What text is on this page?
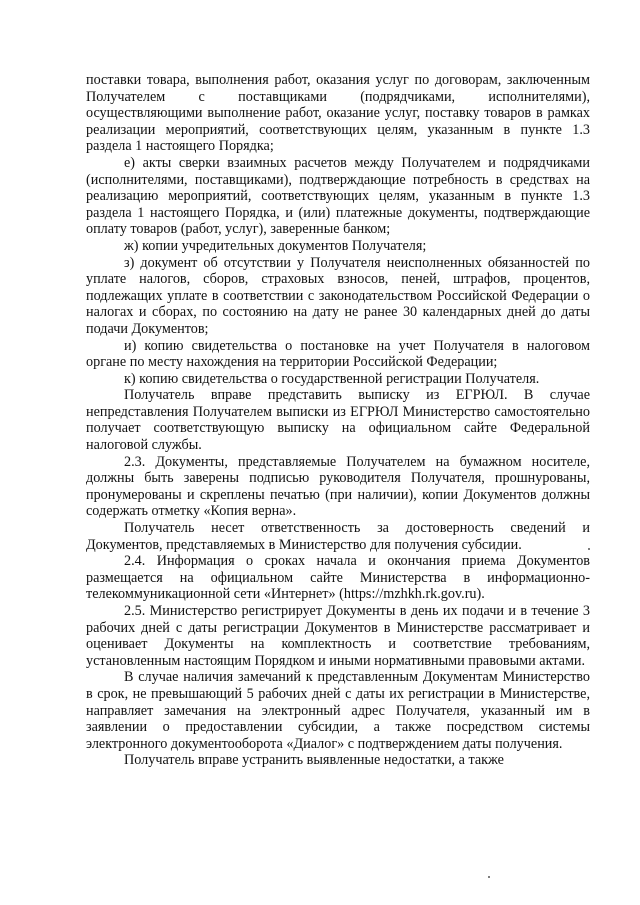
поставки товара, выполнения работ, оказания услуг по договорам, заключенным Получателем с поставщиками (подрядчиками, исполнителями), осуществляющими выполнение работ, оказание услуг, поставку товаров в рамках реализации мероприятий, соответствующих целям, указанным в пункте 1.3 раздела 1 настоящего Порядка;

е) акты сверки взаимных расчетов между Получателем и подрядчиками (исполнителями, поставщиками), подтверждающие потребность в средствах на реализацию мероприятий, соответствующих целям, указанным в пункте 1.3 раздела 1 настоящего Порядка, и (или) платежные документы, подтверждающие оплату товаров (работ, услуг), заверенные банком;

ж) копии учредительных документов Получателя;

з) документ об отсутствии у Получателя неисполненных обязанностей по уплате налогов, сборов, страховых взносов, пеней, штрафов, процентов, подлежащих уплате в соответствии с законодательством Российской Федерации о налогах и сборах, по состоянию на дату не ранее 30 календарных дней до даты подачи Документов;

и) копию свидетельства о постановке на учет Получателя в налоговом органе по месту нахождения на территории Российской Федерации;

к) копию свидетельства о государственной регистрации Получателя.

Получатель вправе представить выписку из ЕГРЮЛ. В случае непредставления Получателем выписки из ЕГРЮЛ Министерство самостоятельно получает соответствующую выписку на официальном сайте Федеральной налоговой службы.

2.3. Документы, представляемые Получателем на бумажном носителе, должны быть заверены подписью руководителя Получателя, прошнурованы, пронумерованы и скреплены печатью (при наличии), копии Документов должны содержать отметку «Копия верна».

Получатель несет ответственность за достоверность сведений и Документов, представляемых в Министерство для получения субсидии.

2.4. Информация о сроках начала и окончания приема Документов размещается на официальном сайте Министерства в информационно-телекоммуникационной сети «Интернет» (https://mzhkh.rk.gov.ru).

2.5. Министерство регистрирует Документы в день их подачи и в течение 3 рабочих дней с даты регистрации Документов в Министерстве рассматривает и оценивает Документы на комплектность и соответствие требованиям, установленным настоящим Порядком и иными нормативными правовыми актами.

В случае наличия замечаний к представленным Документам Министерство в срок, не превышающий 5 рабочих дней с даты их регистрации в Министерстве, направляет замечания на электронный адрес Получателя, указанный им в заявлении о предоставлении субсидии, а также посредством системы электронного документооборота «Диалог» с подтверждением даты получения.

Получатель вправе устранить выявленные недостатки, а также
